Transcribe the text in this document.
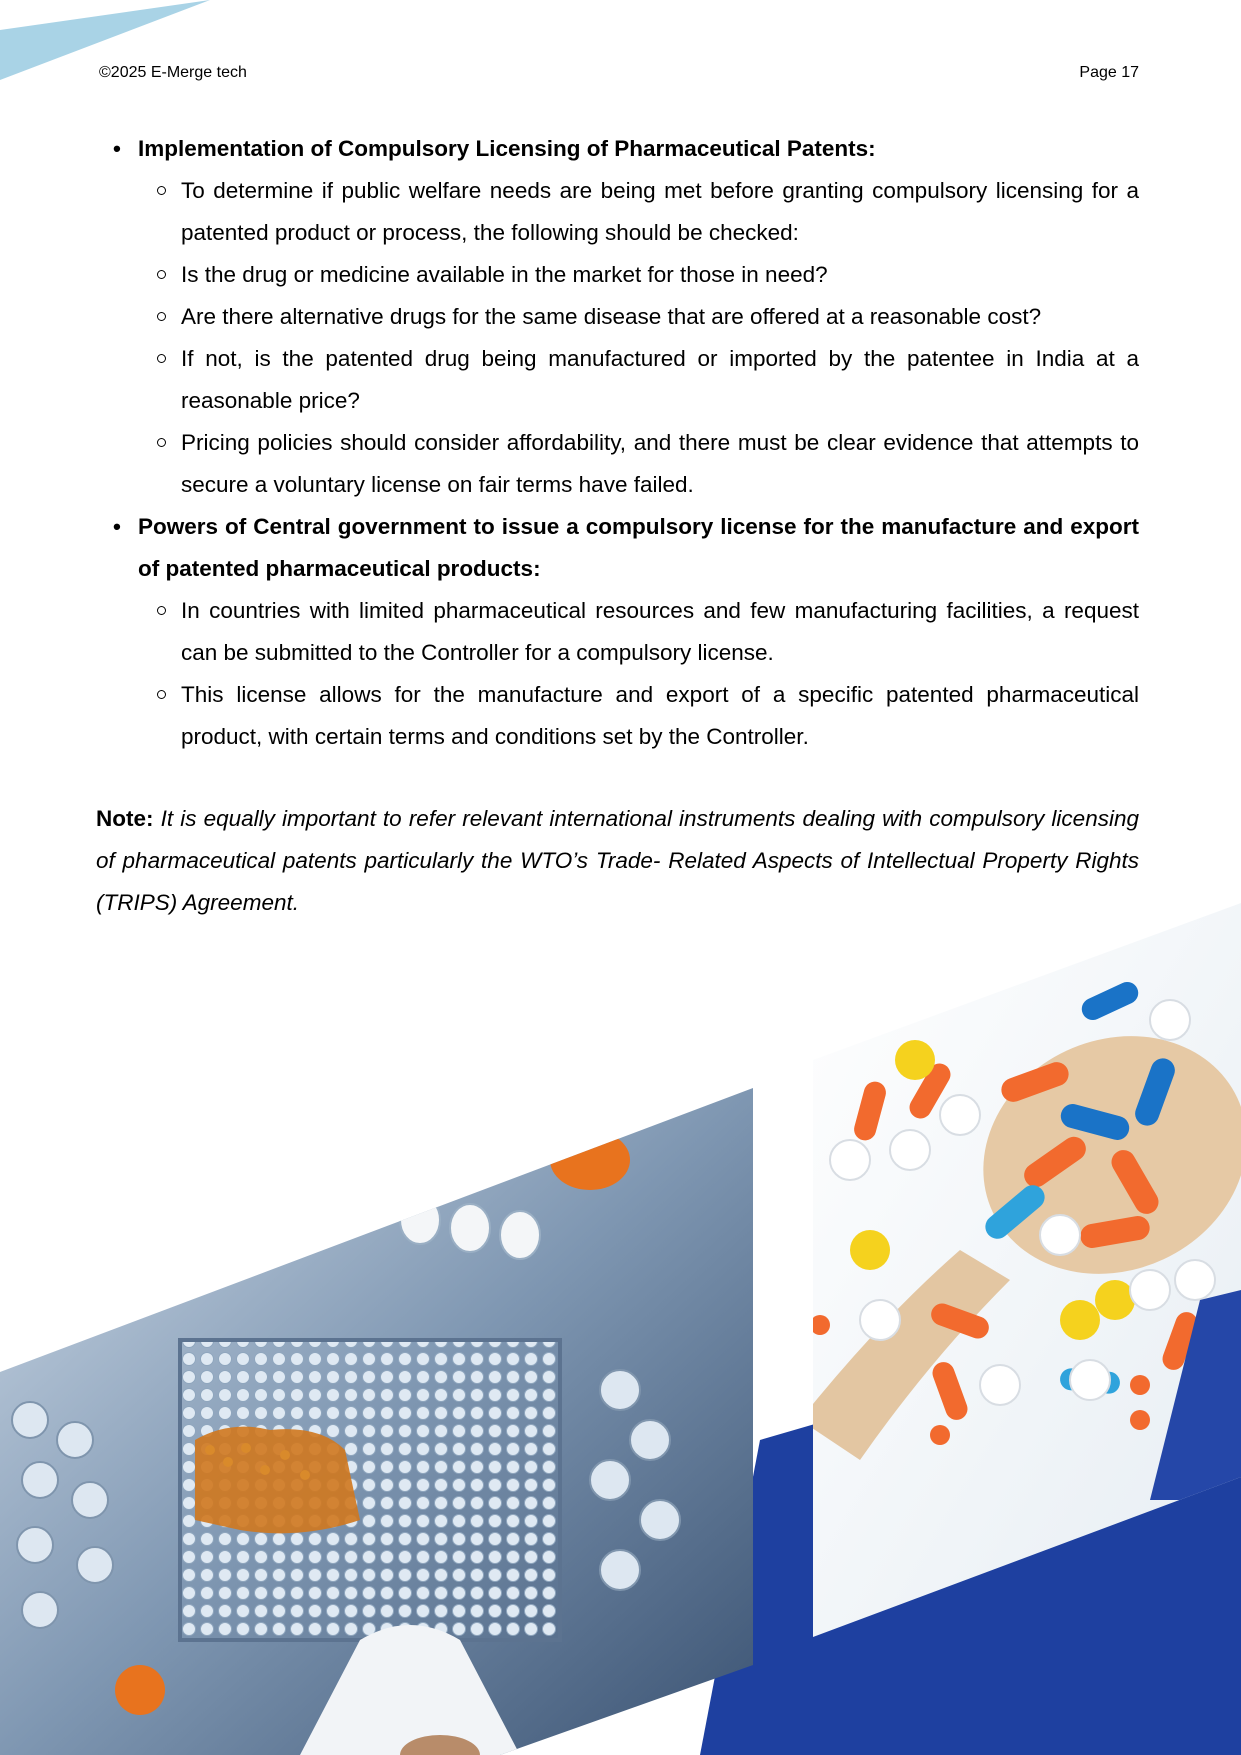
©2025 E-Merge tech	Page 17
• Implementation of Compulsory Licensing of Pharmaceutical Patents:
To determine if public welfare needs are being met before granting compulsory licensing for a patented product or process, the following should be checked:
Is the drug or medicine available in the market for those in need?
Are there alternative drugs for the same disease that are offered at a reasonable cost?
If not, is the patented drug being manufactured or imported by the patentee in India at a reasonable price?
Pricing policies should consider affordability, and there must be clear evidence that attempts to secure a voluntary license on fair terms have failed.
• Powers of Central government to issue a compulsory license for the manufacture and export of patented pharmaceutical products:
In countries with limited pharmaceutical resources and few manufacturing facilities, a request can be submitted to the Controller for a compulsory license.
This license allows for the manufacture and export of a specific patented pharmaceutical product, with certain terms and conditions set by the Controller.

Note: It is equally important to refer relevant international instruments dealing with compulsory licensing of pharmaceutical patents particularly the WTO’s Trade- Related Aspects of Intellectual Property Rights (TRIPS) Agreement.
